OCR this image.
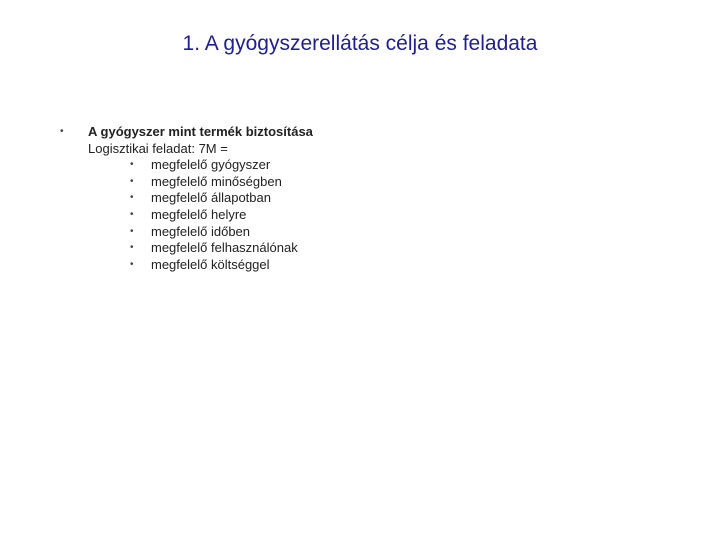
1. A gyógyszerellátás célja és feladata
• A gyógyszer mint termék biztosítása
Logisztikai feladat: 7M =
• megfelelő gyógyszer
• megfelelő minőségben
• megfelelő állapotban
• megfelelő helyre
• megfelelő időben
• megfelelő felhasználónak
• megfelelő költséggel
